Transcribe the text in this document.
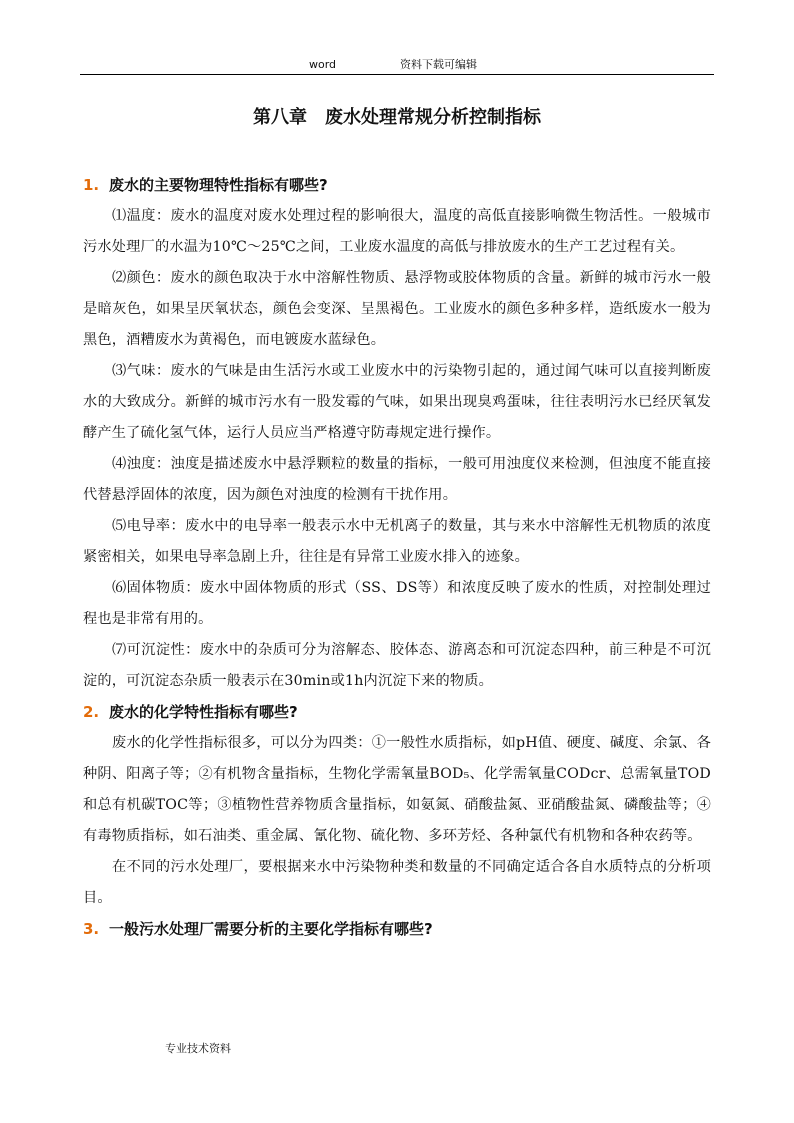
word	资料下载可编辑
第八章　废水处理常规分析控制指标
1. 废水的主要物理特性指标有哪些?

⑴温度：废水的温度对废水处理过程的影响很大，温度的高低直接影响微生物活性。一般城市污水处理厂的水温为10℃～25℃之间，工业废水温度的高低与排放废水的生产工艺过程有关。

⑵颜色：废水的颜色取决于水中溶解性物质、悬浮物或胶体物质的含量。新鲜的城市污水一般是暗灰色，如果呈厌氧状态，颜色会变深、呈黑褐色。工业废水的颜色多种多样，造纸废水一般为黑色，酒糟废水为黄褐色，而电镀废水蓝绿色。

⑶气味：废水的气味是由生活污水或工业废水中的污染物引起的，通过闻气味可以直接判断废水的大致成分。新鲜的城市污水有一股发霉的气味，如果出现臭鸡蛋味，往往表明污水已经厌氧发酵产生了硫化氢气体，运行人员应当严格遵守防毒规定进行操作。

⑷浊度：浊度是描述废水中悬浮颗粒的数量的指标，一般可用浊度仪来检测，但浊度不能直接代替悬浮固体的浓度，因为颜色对浊度的检测有干扰作用。

⑸电导率：废水中的电导率一般表示水中无机离子的数量，其与来水中溶解性无机物质的浓度紧密相关，如果电导率急剧上升，往往是有异常工业废水排入的迹象。

⑹固体物质：废水中固体物质的形式（SS、DS等）和浓度反映了废水的性质，对控制处理过程也是非常有用的。

⑺可沉淀性：废水中的杂质可分为溶解态、胶体态、游离态和可沉淀态四种，前三种是不可沉淀的，可沉淀态杂质一般表示在30min或1h内沉淀下来的物质。

2. 废水的化学特性指标有哪些?

废水的化学性指标很多，可以分为四类：①一般性水质指标，如pH值、硬度、碱度、余氯、各种阴、阳离子等；②有机物含量指标，生物化学需氧量BOD₅、化学需氧量CODcr、总需氧量TOD和总有机碳TOC等；③植物性营养物质含量指标，如氨氮、硝酸盐氮、亚硝酸盐氮、磷酸盐等；④有毒物质指标，如石油类、重金属、氰化物、硫化物、多环芳烃、各种氯代有机物和各种农药等。

在不同的污水处理厂，要根据来水中污染物种类和数量的不同确定适合各自水质特点的分析项目。

3. 一般污水处理厂需要分析的主要化学指标有哪些?
专业技术资料
